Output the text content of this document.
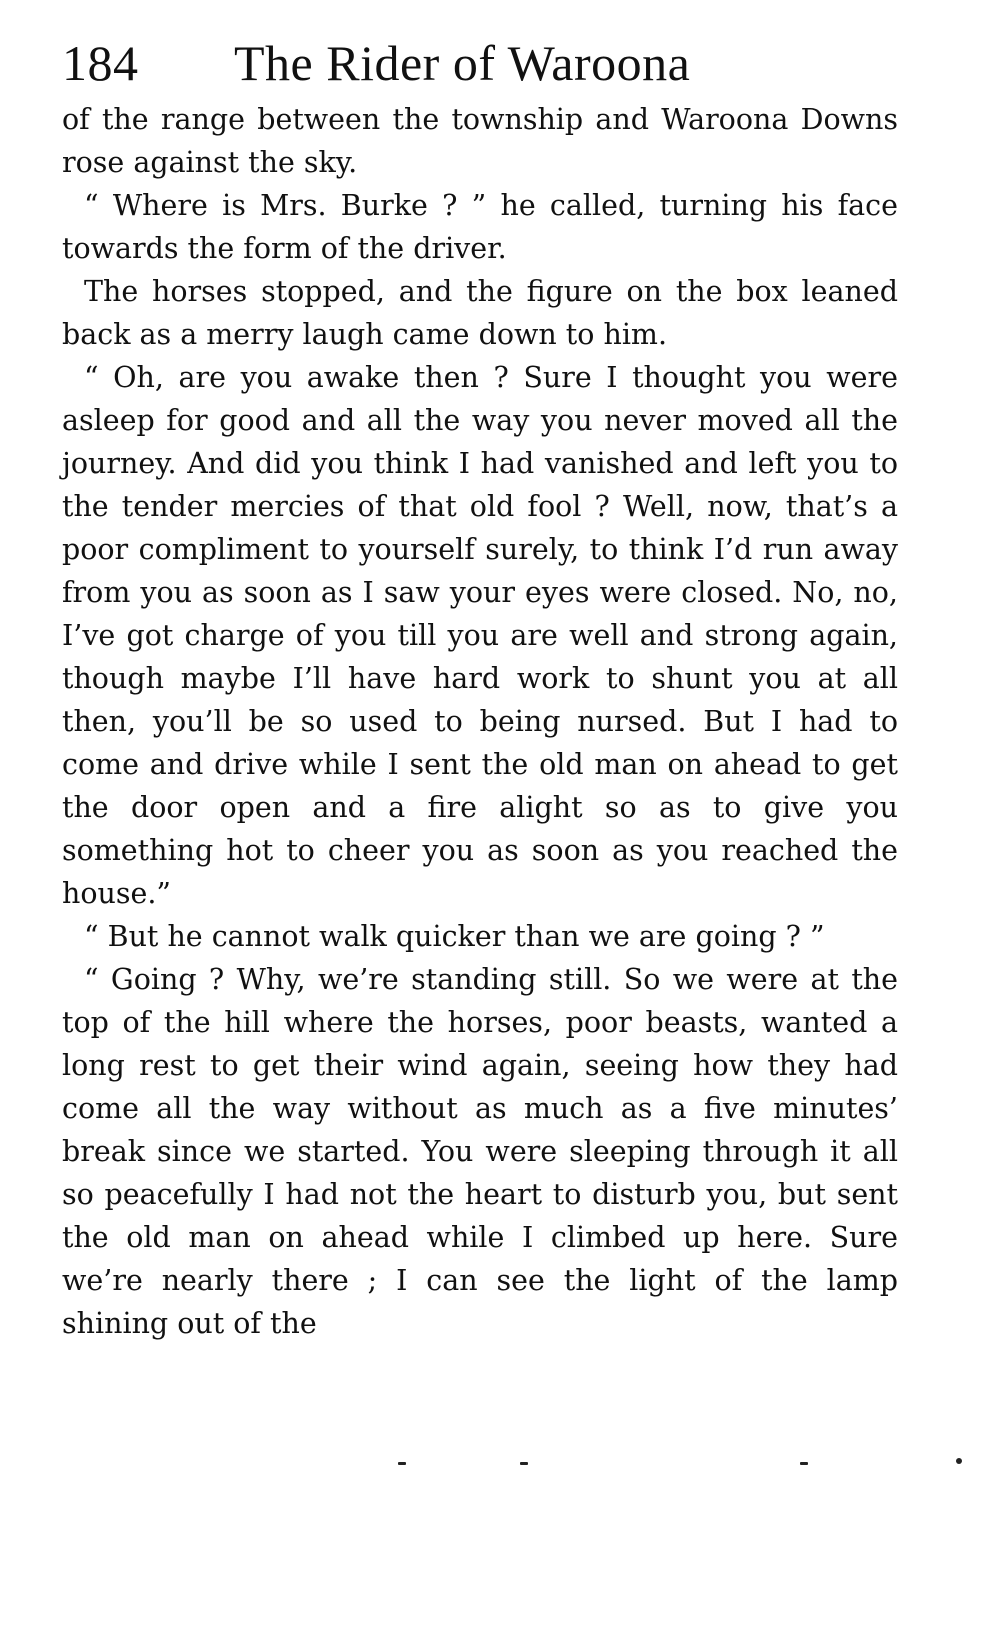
184	The Rider of Waroona

of the range between the township and Waroona Downs rose against the sky.

“ Where is Mrs. Burke ? ” he called, turning his face towards the form of the driver.

The horses stopped, and the figure on the box leaned back as a merry laugh came down to him.

“ Oh, are you awake then ? Sure I thought you were asleep for good and all the way you never moved all the journey. And did you think I had vanished and left you to the tender mercies of that old fool ? Well, now, that’s a poor compliment to yourself surely, to think I’d run away from you as soon as I saw your eyes were closed. No, no, I’ve got charge of you till you are well and strong again, though maybe I’ll have hard work to shunt you at all then, you’ll be so used to being nursed. But I had to come and drive while I sent the old man on ahead to get the door open and a fire alight so as to give you something hot to cheer you as soon as you reached the house.”

“ But he cannot walk quicker than we are going ? ”

“ Going ? Why, we’re standing still. So we were at the top of the hill where the horses, poor beasts, wanted a long rest to get their wind again, seeing how they had come all the way without as much as a five minutes’ break since we started. You were sleeping through it all so peacefully I had not the heart to disturb you, but sent the old man on ahead while I climbed up here. Sure we’re nearly there ; I can see the light of the lamp shining out of the
